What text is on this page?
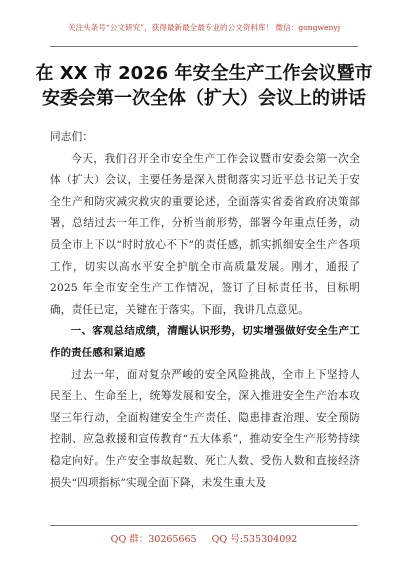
关注头条号“公文研究”，获得最新最全最专业的公文资料库！ 微信：gongwenyj
在 XX 市 2026 年安全生产工作会议暨市
安委会第一次全体（扩大）会议上的讲话

同志们：

今天，我们召开全市安全生产工作会议暨市安委会第一次全体（扩大）会议，主要任务是深入贯彻落实习近平总书记关于安全生产和防灾减灾救灾的重要论述，全面落实省委省政府决策部署，总结过去一年工作，分析当前形势，部署今年重点任务，动员全市上下以“时时放心不下”的责任感，抓实抓细安全生产各项工作，切实以高水平安全护航全市高质量发展。刚才，通报了 2025 年全市安全生产工作情况，签订了目标责任书，目标明确，责任已定，关键在于落实。下面，我讲几点意见。

一、客观总结成绩，清醒认识形势，切实增强做好安全生产工作的责任感和紧迫感

过去一年，面对复杂严峻的安全风险挑战，全市上下坚持人民至上、生命至上，统筹发展和安全，深入推进安全生产治本攻坚三年行动，全面构建安全生产责任、隐患排查治理、安全预防控制、应急救援和宣传教育“五大体系”，推动安全生产形势持续稳定向好。生产安全事故起数、死亡人数、受伤人数和直接经济损失“四项指标”实现全面下降，未发生重大及

QQ 群：30265665 QQ 号:535304092
